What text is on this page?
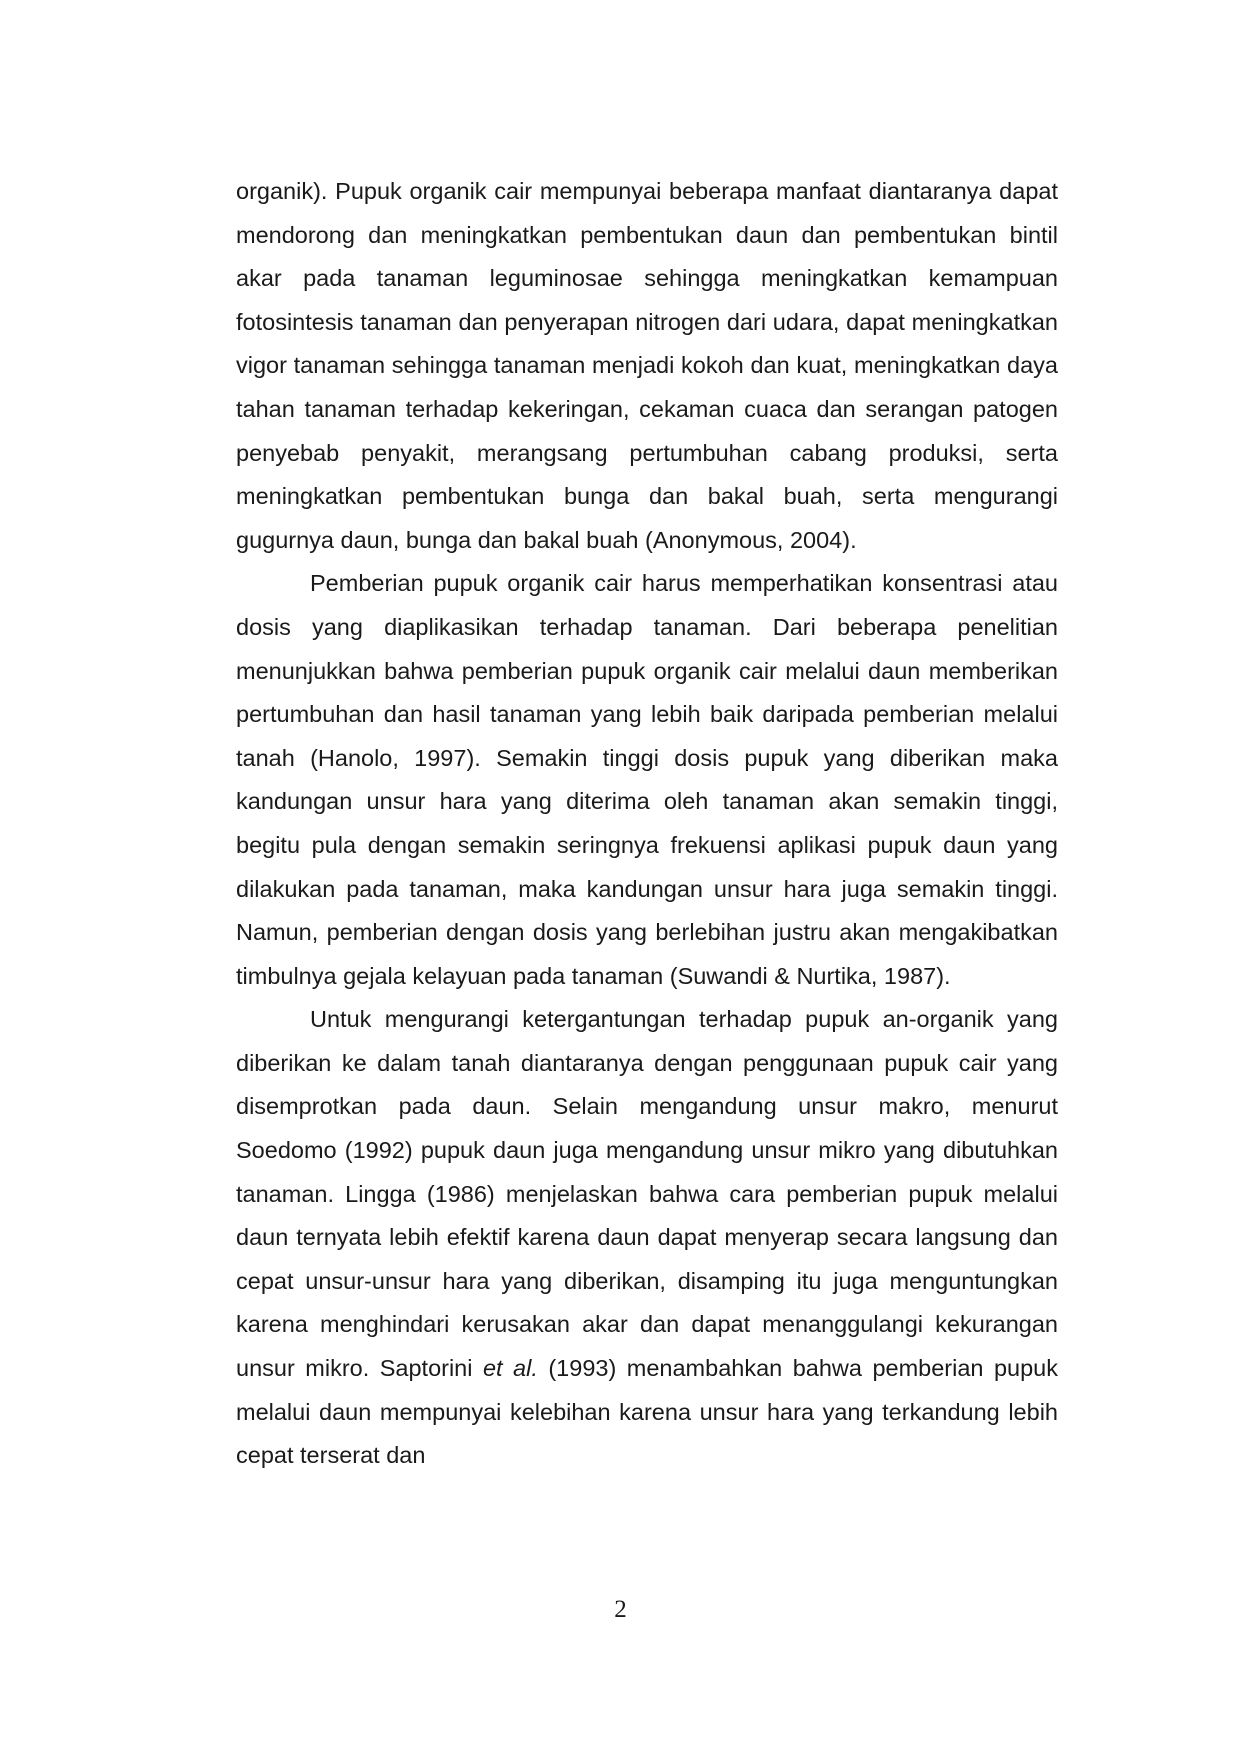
organik). Pupuk organik cair mempunyai beberapa manfaat diantaranya dapat mendorong dan meningkatkan pembentukan daun dan pembentukan bintil akar pada tanaman leguminosae sehingga meningkatkan kemampuan fotosintesis tanaman dan penyerapan nitrogen dari udara, dapat meningkatkan vigor tanaman sehingga tanaman menjadi kokoh dan kuat, meningkatkan daya tahan tanaman terhadap kekeringan, cekaman cuaca dan serangan patogen penyebab penyakit, merangsang pertumbuhan cabang produksi, serta meningkatkan pembentukan bunga dan bakal buah, serta mengurangi gugurnya daun, bunga dan bakal buah (Anonymous, 2004).

Pemberian pupuk organik cair harus memperhatikan konsentrasi atau dosis yang diaplikasikan terhadap tanaman. Dari beberapa penelitian menunjukkan bahwa pemberian pupuk organik cair melalui daun memberikan pertumbuhan dan hasil tanaman yang lebih baik daripada pemberian melalui tanah (Hanolo, 1997). Semakin tinggi dosis pupuk yang diberikan maka kandungan unsur hara yang diterima oleh tanaman akan semakin tinggi, begitu pula dengan semakin seringnya frekuensi aplikasi pupuk daun yang dilakukan pada tanaman, maka kandungan unsur hara juga semakin tinggi. Namun, pemberian dengan dosis yang berlebihan justru akan mengakibatkan timbulnya gejala kelayuan pada tanaman (Suwandi & Nurtika, 1987).

Untuk mengurangi ketergantungan terhadap pupuk an-organik yang diberikan ke dalam tanah diantaranya dengan penggunaan pupuk cair yang disemprotkan pada daun. Selain mengandung unsur makro, menurut Soedomo (1992) pupuk daun juga mengandung unsur mikro yang dibutuhkan tanaman. Lingga (1986) menjelaskan bahwa cara pemberian pupuk melalui daun ternyata lebih efektif karena daun dapat menyerap secara langsung dan cepat unsur-unsur hara yang diberikan, disamping itu juga menguntungkan karena menghindari kerusakan akar dan dapat menanggulangi kekurangan unsur mikro. Saptorini et al. (1993) menambahkan bahwa pemberian pupuk melalui daun mempunyai kelebihan karena unsur hara yang terkandung lebih cepat terserat dan

2
